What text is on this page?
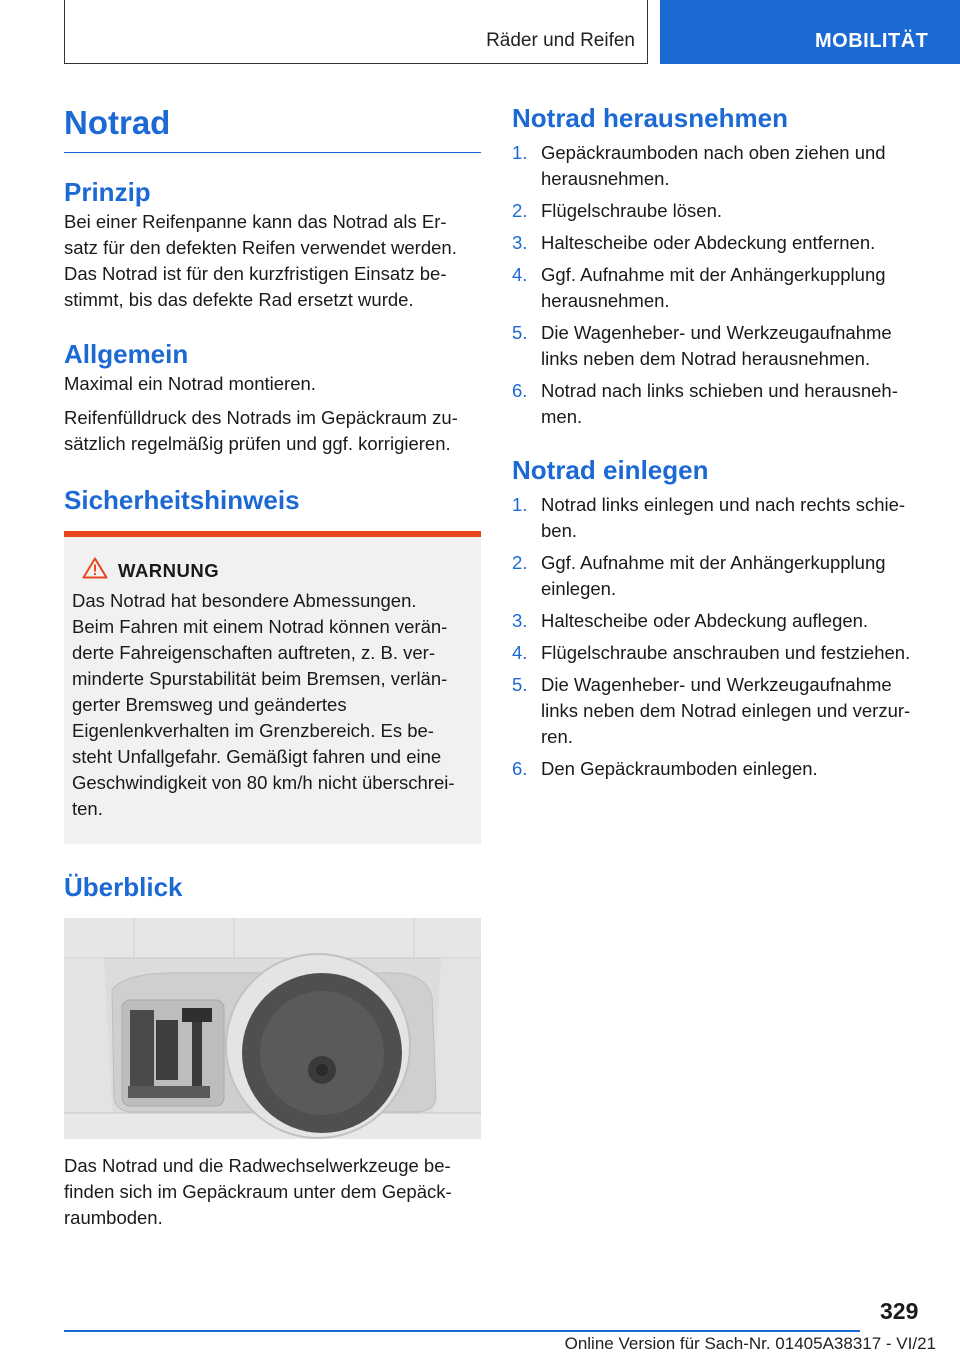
Räder und Reifen	MOBILITÄT
Notrad
Prinzip

Bei einer Reifenpanne kann das Notrad als Er-
satz für den defekten Reifen verwendet werden.
Das Notrad ist für den kurzfristigen Einsatz be-
stimmt, bis das defekte Rad ersetzt wurde.

Allgemein

Maximal ein Notrad montieren.

Reifenfülldruck des Notrads im Gepäckraum zu-
sätzlich regelmäßig prüfen und ggf. korrigieren.

Sicherheitshinweis
WARNUNG

Das Notrad hat besondere Abmessungen.
Beim Fahren mit einem Notrad können verän-
derte Fahreigenschaften auftreten, z. B. ver-
minderte Spurstabilität beim Bremsen, verlän-
gerter Bremsweg und geändertes
Eigenlenkverhalten im Grenzbereich. Es be-
steht Unfallgefahr. Gemäßigt fahren und eine
Geschwindigkeit von 80 km/h nicht überschrei-
ten.

Überblick

Das Notrad und die Radwechselwerkzeuge be-
finden sich im Gepäckraum unter dem Gepäck-
raumboden.

Notrad herausnehmen
1. Gepäckraumboden nach oben ziehen und
herausnehmen.
2. Flügelschraube lösen.
3. Haltescheibe oder Abdeckung entfernen.
4. Ggf. Aufnahme mit der Anhängerkupplung
herausnehmen.
5. Die Wagenheber‐ und Werkzeugaufnahme
links neben dem Notrad herausnehmen.
6. Notrad nach links schieben und herausneh‐
men.
Notrad einlegen
1. Notrad links einlegen und nach rechts schie‐
ben.
2. Ggf. Aufnahme mit der Anhängerkupplung
einlegen.
3. Haltescheibe oder Abdeckung auflegen.
4. Flügelschraube anschrauben und festziehen.
5. Die Wagenheber‐ und Werkzeugaufnahme
links neben dem Notrad einlegen und verzur‐
ren.
6. Den Gepäckraumboden einlegen.
329
Online Version für Sach-Nr. 01405A38317 - VI/21
